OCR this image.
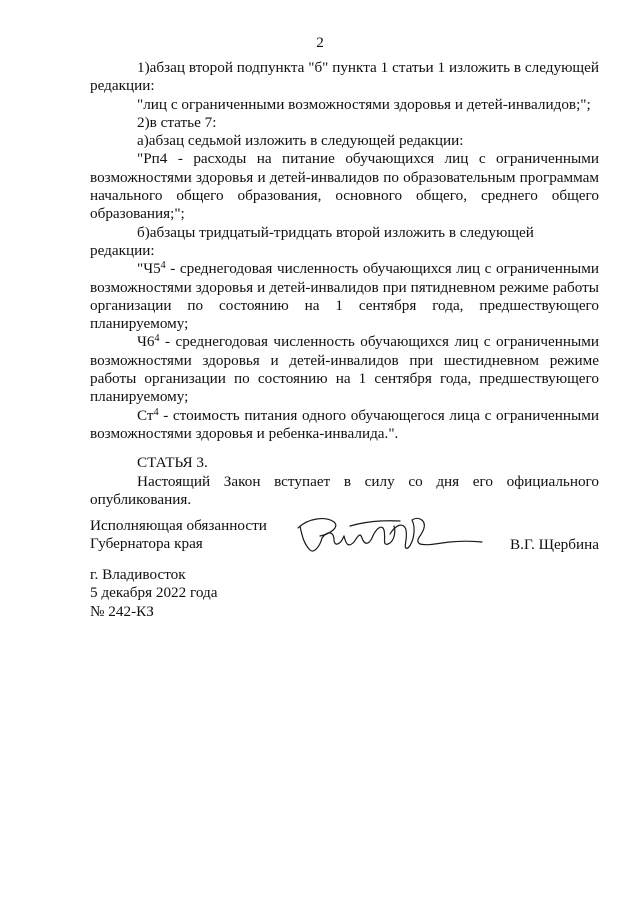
2

1)абзац второй подпункта "б" пункта 1 статьи 1 изложить в следующей редакции:

"лиц с ограниченными возможностями здоровья и детей-инвалидов;";

2)в статье 7:

а)абзац седьмой изложить в следующей редакции:

"Рп4 - расходы на питание обучающихся лиц с ограниченными возможностями здоровья и детей-инвалидов по образовательным программам начального общего образования, основного общего, среднего общего образования;";

б)абзацы тридцатый-тридцать второй изложить в следующей редакции:

"$Ч5^4$ - среднегодовая численность обучающихся лиц с ограниченными возможностями здоровья и детей-инвалидов при пятидневном режиме работы организации по состоянию на 1 сентября года, предшествующего планируемому;

$Ч6^4$ - среднегодовая численность обучающихся лиц с ограниченными возможностями здоровья и детей-инвалидов при шестидневном режиме работы организации по состоянию на 1 сентября года, предшествующего планируемому;

$Ст^4$ - стоимость питания одного обучающегося лица с ограниченными возможностями здоровья и ребенка-инвалида.".

СТАТЬЯ 3.

Настоящий Закон вступает в силу со дня его официального опубликования.

Исполняющая обязанности
Губернатора края	В.Г. Щербина
г. Владивосток
5 декабря 2022 года
№ 242-КЗ
